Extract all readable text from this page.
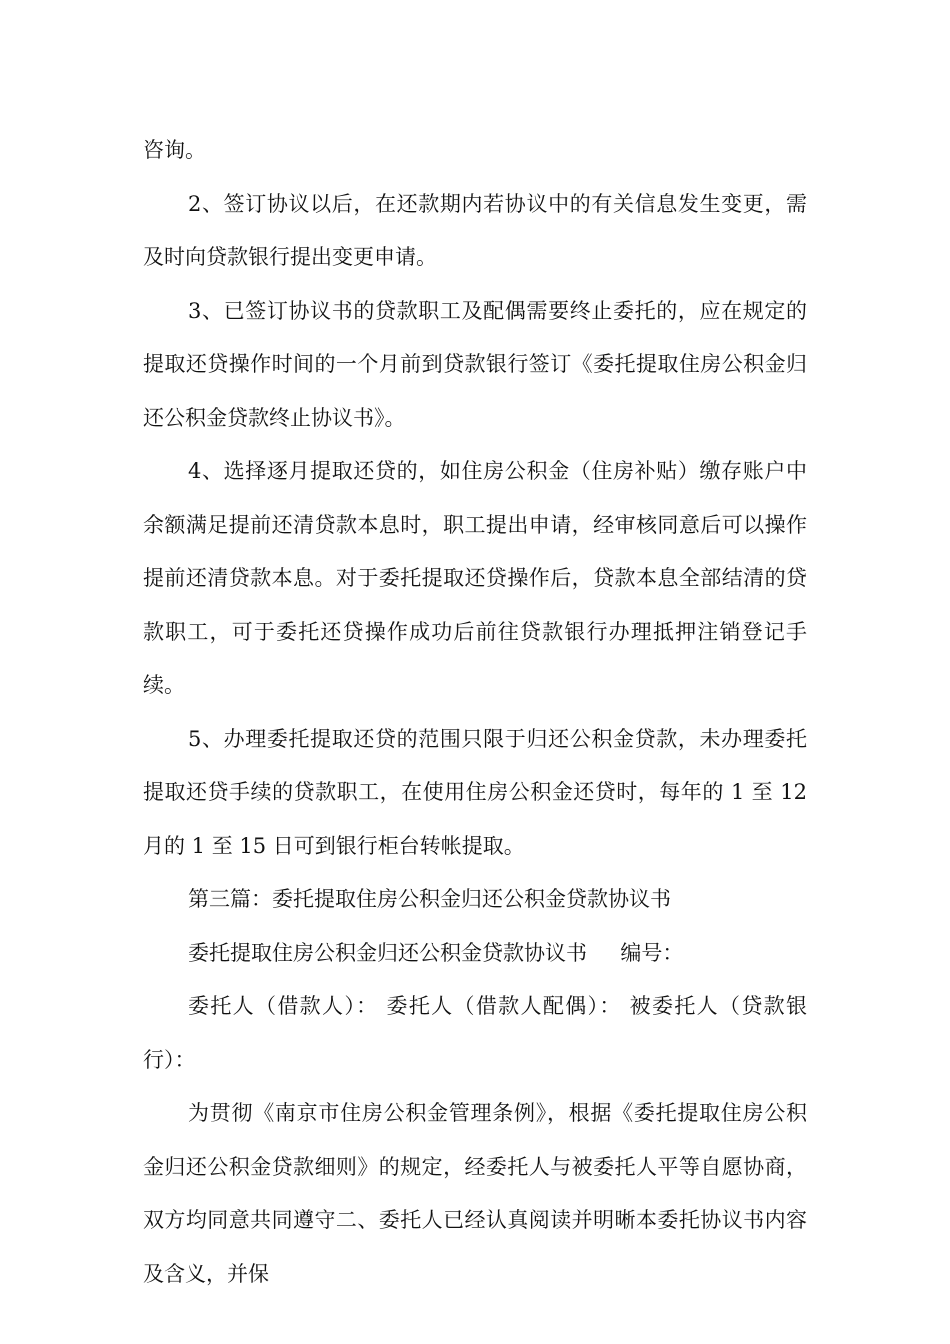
咨询。

2、签订协议以后，在还款期内若协议中的有关信息发生变更，需及时向贷款银行提出变更申请。

3、已签订协议书的贷款职工及配偶需要终止委托的，应在规定的提取还贷操作时间的一个月前到贷款银行签订《委托提取住房公积金归还公积金贷款终止协议书》。

4、选择逐月提取还贷的，如住房公积金（住房补贴）缴存账户中余额满足提前还清贷款本息时，职工提出申请，经审核同意后可以操作提前还清贷款本息。对于委托提取还贷操作后，贷款本息全部结清的贷款职工，可于委托还贷操作成功后前往贷款银行办理抵押注销登记手续。

5、办理委托提取还贷的范围只限于归还公积金贷款，未办理委托提取还贷手续的贷款职工，在使用住房公积金还贷时，每年的 1 至 12 月的 1 至 15 日可到银行柜台转帐提取。

第三篇：委托提取住房公积金归还公积金贷款协议书

委托提取住房公积金归还公积金贷款协议书     编号：

委托人（借款人）： 委托人（借款人配偶）： 被委托人（贷款银行）：

为贯彻《南京市住房公积金管理条例》，根据《委托提取住房公积金归还公积金贷款细则》的规定，经委托人与被委托人平等自愿协商，双方均同意共同遵守二、委托人已经认真阅读并明晰本委托协议书内容及含义，并保
